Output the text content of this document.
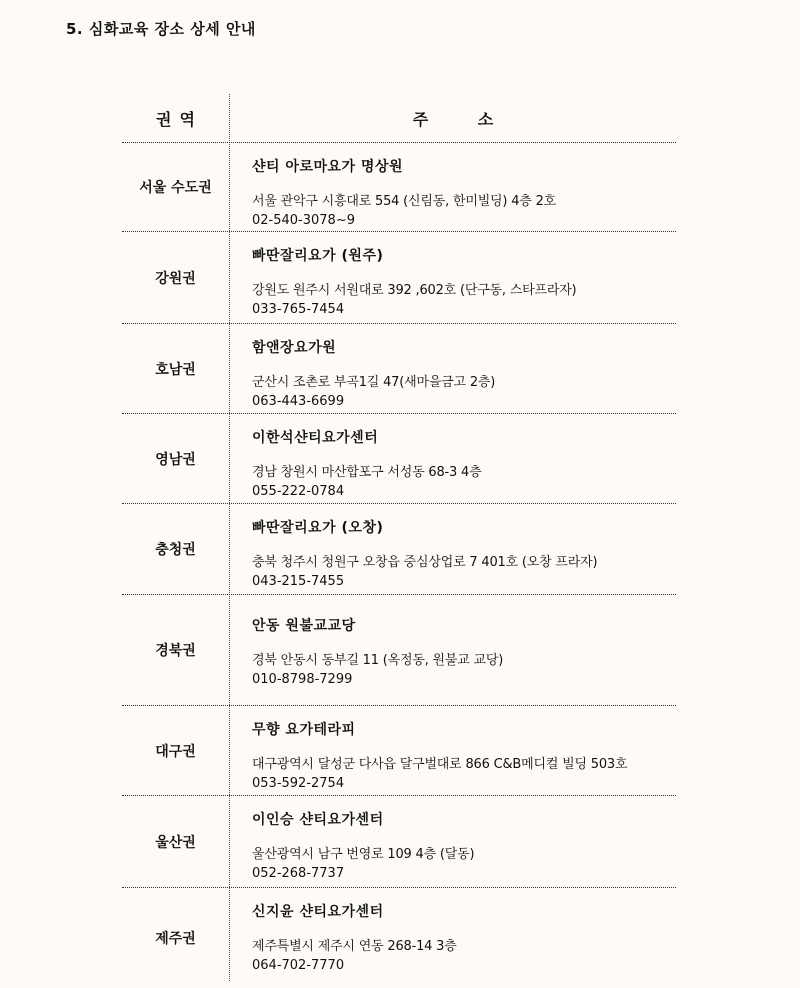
5. 심화교육 장소 상세 안내
권역	주 소
서울 수도권
샨티 아로마요가 명상원
서울 관악구 시흥대로 554 (신림동, 한미빌딩) 4층 2호
02-540-3078~9
강원권
빠딴잘리요가 (원주)
강원도 원주시 서원대로 392 ,602호 (단구동, 스타프라자)
033-765-7454
호남권
함앤장요가원
군산시 조촌로 부곡1길 47(새마을금고 2층)
063-443-6699
영남권
이한석샨티요가센터
경남 창원시 마산합포구 서성동 68-3 4층
055-222-0784
충청권
빠딴잘리요가 (오창)
충북 청주시 청원구 오창읍 중심상업로 7 401호 (오창 프라자)
043-215-7455
경북권
안동 원불교교당
경북 안동시 동부길 11 (옥정동, 원불교 교당)
010-8798-7299
대구권
무향 요가테라피
대구광역시 달성군 다사읍 달구벌대로 866 C&B메디컬 빌딩 503호
053-592-2754
울산권
이인승 샨티요가센터
울산광역시 남구 번영로 109 4층 (달동)
052-268-7737
제주권
신지윤 샨티요가센터
제주특별시 제주시 연동 268-14 3층
064-702-7770
